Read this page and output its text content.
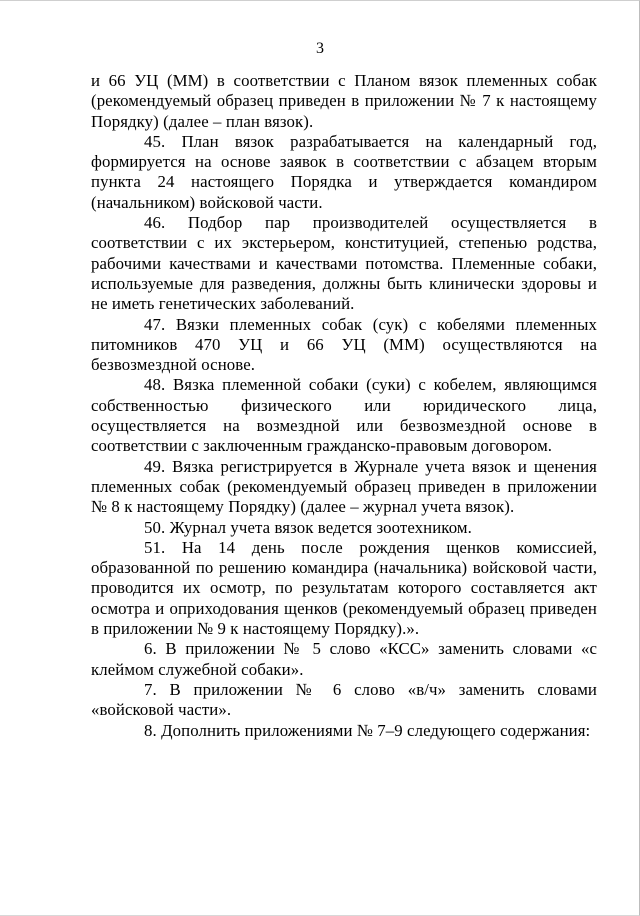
3

и 66 УЦ (ММ) в соответствии с Планом вязок племенных собак (рекомендуемый образец приведен в приложении № 7 к настоящему Порядку) (далее – план вязок).

45. План вязок разрабатывается на календарный год, формируется на основе заявок в соответствии с абзацем вторым пункта 24 настоящего Порядка и утверждается командиром (начальником) войсковой части.

46. Подбор пар производителей осуществляется в соответствии с их экстерьером, конституцией, степенью родства, рабочими качествами и качествами потомства. Племенные собаки, используемые для разведения, должны быть клинически здоровы и не иметь генетических заболеваний.

47. Вязки племенных собак (сук) с кобелями племенных питомников 470 УЦ и 66 УЦ (ММ) осуществляются на безвозмездной основе.

48. Вязка племенной собаки (суки) с кобелем, являющимся собственностью физического или юридического лица, осуществляется на возмездной или безвозмездной основе в соответствии с заключенным гражданско-правовым договором.

49. Вязка регистрируется в Журнале учета вязок и щенения племенных собак (рекомендуемый образец приведен в приложении № 8 к настоящему Порядку) (далее – журнал учета вязок).

50. Журнал учета вязок ведется зоотехником.

51. На 14 день после рождения щенков комиссией, образованной по решению командира (начальника) войсковой части, проводится их осмотр, по результатам которого составляется акт осмотра и оприходования щенков (рекомендуемый образец приведен в приложении № 9 к настоящему Порядку).».

6. В приложении № 5 слово «КСС» заменить словами «с клеймом служебной собаки».

7. В приложении № 6 слово «в/ч» заменить словами «войсковой части».

8. Дополнить приложениями № 7–9 следующего содержания:
